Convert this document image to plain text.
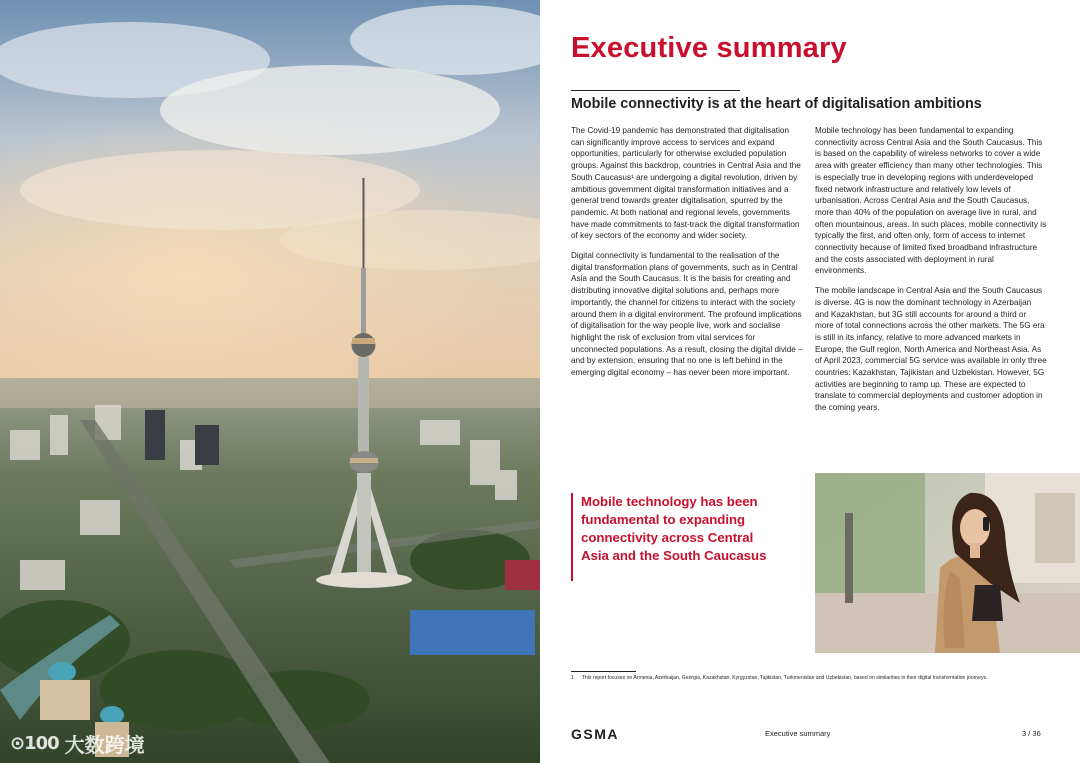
⊙100 大数跨境
Executive summary
Mobile connectivity is at the heart of digitalisation ambitions

The Covid-19 pandemic has demonstrated that digitalisation can significantly improve access to services and expand opportunities, particularly for otherwise excluded population groups. Against this backdrop, countries in Central Asia and the South Caucasus¹ are undergoing a digital revolution, driven by ambitious government digital transformation initiatives and a general trend towards greater digitalisation, spurred by the pandemic. At both national and regional levels, governments have made commitments to fast-track the digital transformation of key sectors of the economy and wider society.

Digital connectivity is fundamental to the realisation of the digital transformation plans of governments, such as in Central Asia and the South Caucasus. It is the basis for creating and distributing innovative digital solutions and, perhaps more importantly, the channel for citizens to interact with the society around them in a digital environment. The profound implications of digitalisation for the way people live, work and socialise highlight the risk of exclusion from vital services for unconnected populations. As a result, closing the digital divide – and by extension, ensuring that no one is left behind in the emerging digital economy – has never been more important.

Mobile technology has been fundamental to expanding connectivity across Central Asia and the South Caucasus. This is based on the capability of wireless networks to cover a wide area with greater efficiency than many other technologies. This is especially true in developing regions with underdeveloped fixed network infrastructure and relatively low levels of urbanisation. Across Central Asia and the South Caucasus, more than 40% of the population on average live in rural, and often mountainous, areas. In such places, mobile connectivity is typically the first, and often only, form of access to internet connectivity because of limited fixed broadband infrastructure and the costs associated with deployment in rural environments.

The mobile landscape in Central Asia and the South Caucasus is diverse. 4G is now the dominant technology in Azerbaijan and Kazakhstan, but 3G still accounts for around a third or more of total connections across the other markets. The 5G era is still in its infancy, relative to more advanced markets in Europe, the Gulf region, North America and Northeast Asia. As of April 2023, commercial 5G service was available in only three countries: Kazakhstan, Tajikistan and Uzbekistan. However, 5G activities are beginning to ramp up. These are expected to translate to commercial deployments and customer adoption in the coming years.

Mobile technology has been fundamental to expanding connectivity across Central Asia and the South Caucasus
1 This report focuses on Armenia, Azerbaijan, Georgia, Kazakhstan, Kyrgyzstan, Tajikistan, Turkmenistan and Uzbekistan, based on similarities in their digital transformation journeys.
GSMA	Executive summary	3 / 36
